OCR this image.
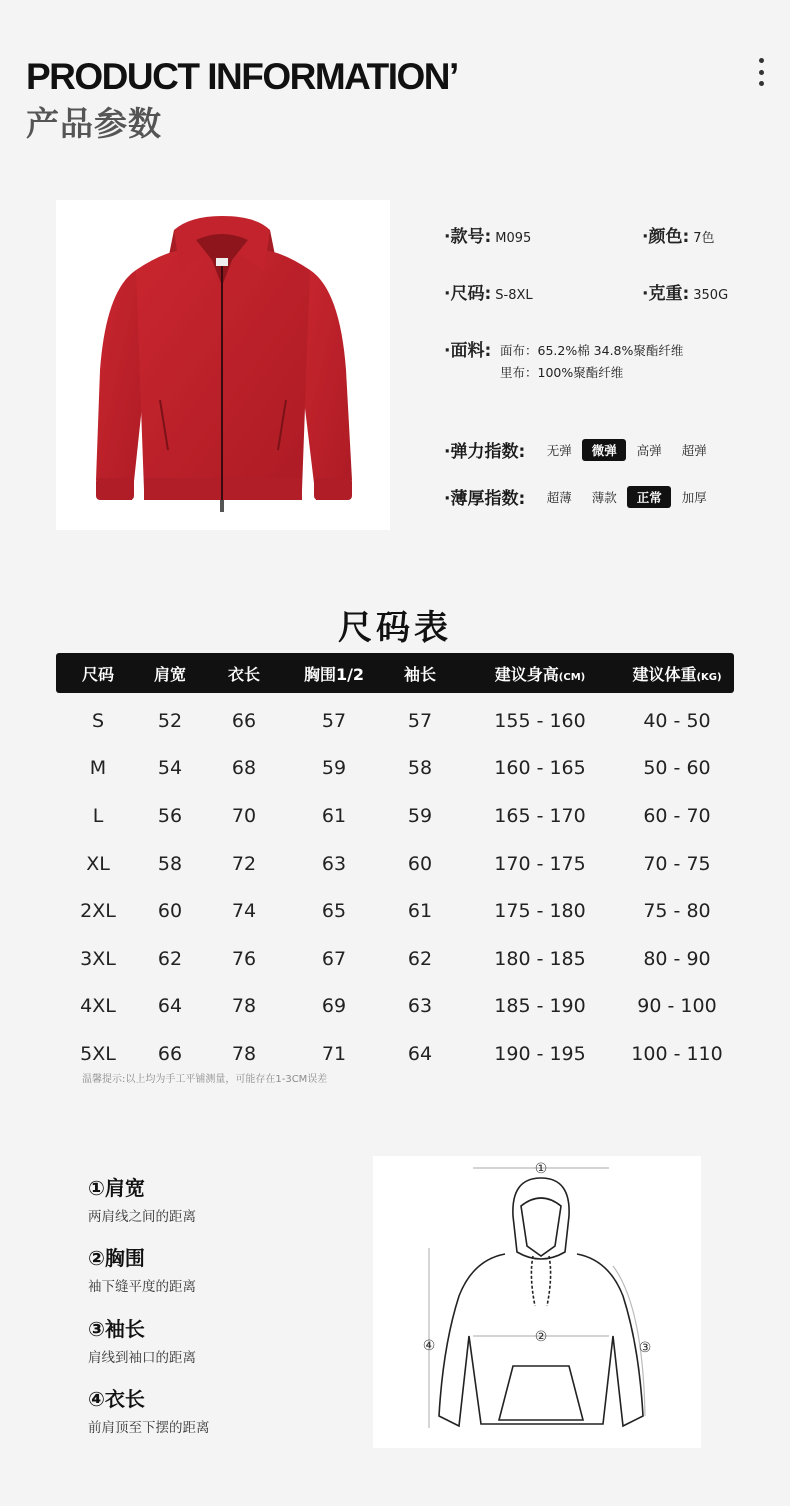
PRODUCT INFORMATION’
产品参数
·款号: M095	·颜色: 7色
·尺码: S-8XL	·克重: 350G
·面料: 面布：65.2%棉 34.8%聚酯纤维
里布：100%聚酯纤维
·弹力指数:	无弹	微弹	高弹	超弹
·薄厚指数:	超薄	薄款	正常	加厚
尺码表
尺码	肩宽	衣长	胸围1/2	袖长	建议身高(CM)	建议体重(KG)
S	52	66	57	57	155 - 160	40 - 50
M	54	68	59	58	160 - 165	50 - 60
L	56	70	61	59	165 - 170	60 - 70
XL	58	72	63	60	170 - 175	70 - 75
2XL	60	74	65	61	175 - 180	75 - 80
3XL	62	76	67	62	180 - 185	80 - 90
4XL	64	78	69	63	185 - 190	90 - 100
5XL	66	78	71	64	190 - 195	100 - 110
温馨提示:以上均为手工平铺测量，可能存在1-3CM误差
①肩宽
两肩线之间的距离
②胸围
袖下缝平度的距离
③袖长
肩线到袖口的距离
④衣长
前肩顶至下摆的距离
①
②
③
④
